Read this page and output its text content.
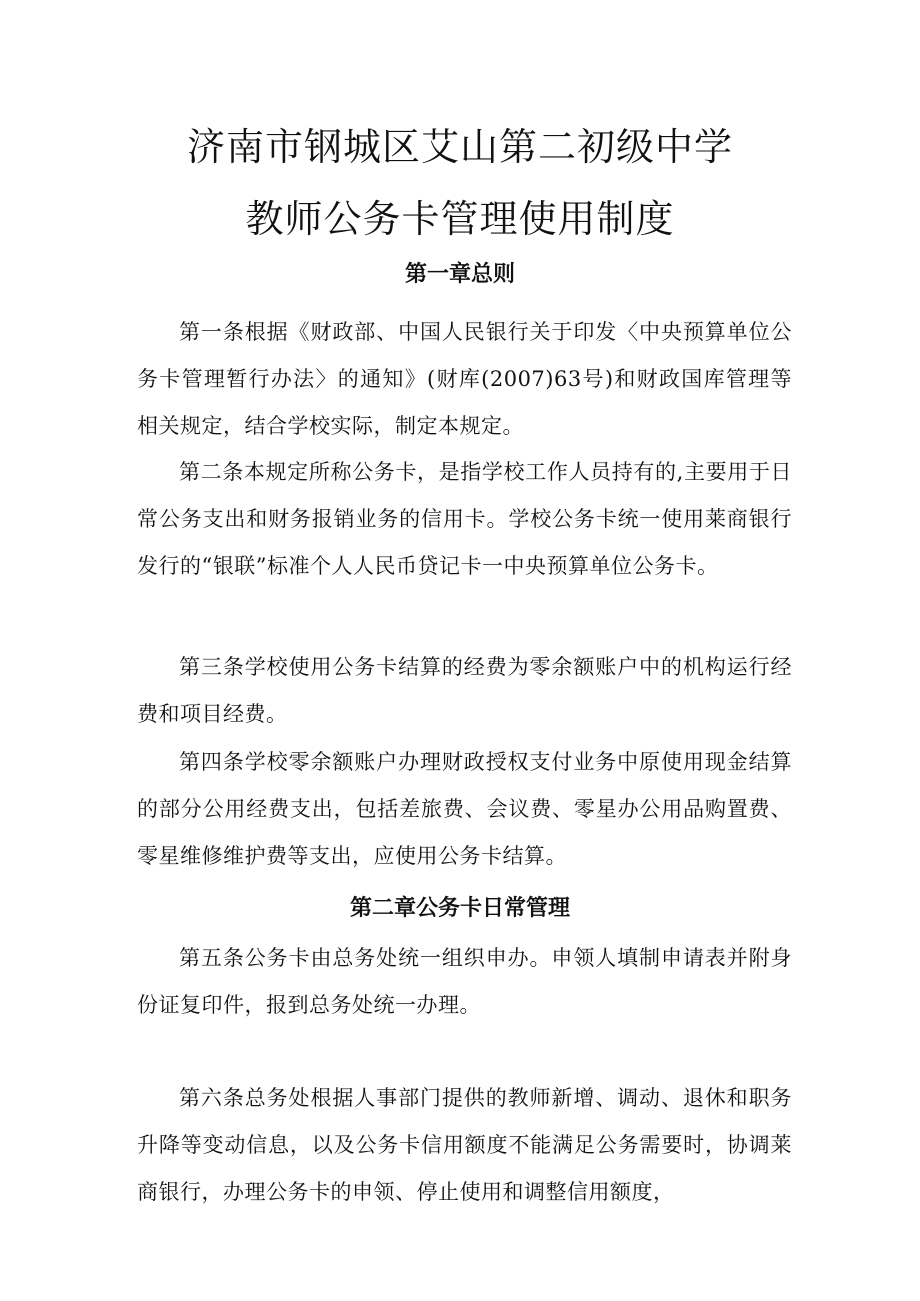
济南市钢城区艾山第二初级中学
教师公务卡管理使用制度
第一章总则

第一条根据《财政部、中国人民银行关于印发〈中央预算单位公务卡管理暂行办法〉的通知》(财库(2007)63号)和财政国库管理等相关规定，结合学校实际，制定本规定。

第二条本规定所称公务卡，是指学校工作人员持有的,主要用于日常公务支出和财务报销业务的信用卡。学校公务卡统一使用莱商银行发行的“银联”标准个人人民币贷记卡一中央预算单位公务卡。

第三条学校使用公务卡结算的经费为零余额账户中的机构运行经费和项目经费。

第四条学校零余额账户办理财政授权支付业务中原使用现金结算的部分公用经费支出，包括差旅费、会议费、零星办公用品购置费、零星维修维护费等支出，应使用公务卡结算。

第二章公务卡日常管理

第五条公务卡由总务处统一组织申办。申领人填制申请表并附身份证复印件，报到总务处统一办理。

第六条总务处根据人事部门提供的教师新增、调动、退休和职务升降等变动信息，以及公务卡信用额度不能满足公务需要时，协调莱商银行，办理公务卡的申领、停止使用和调整信用额度，
